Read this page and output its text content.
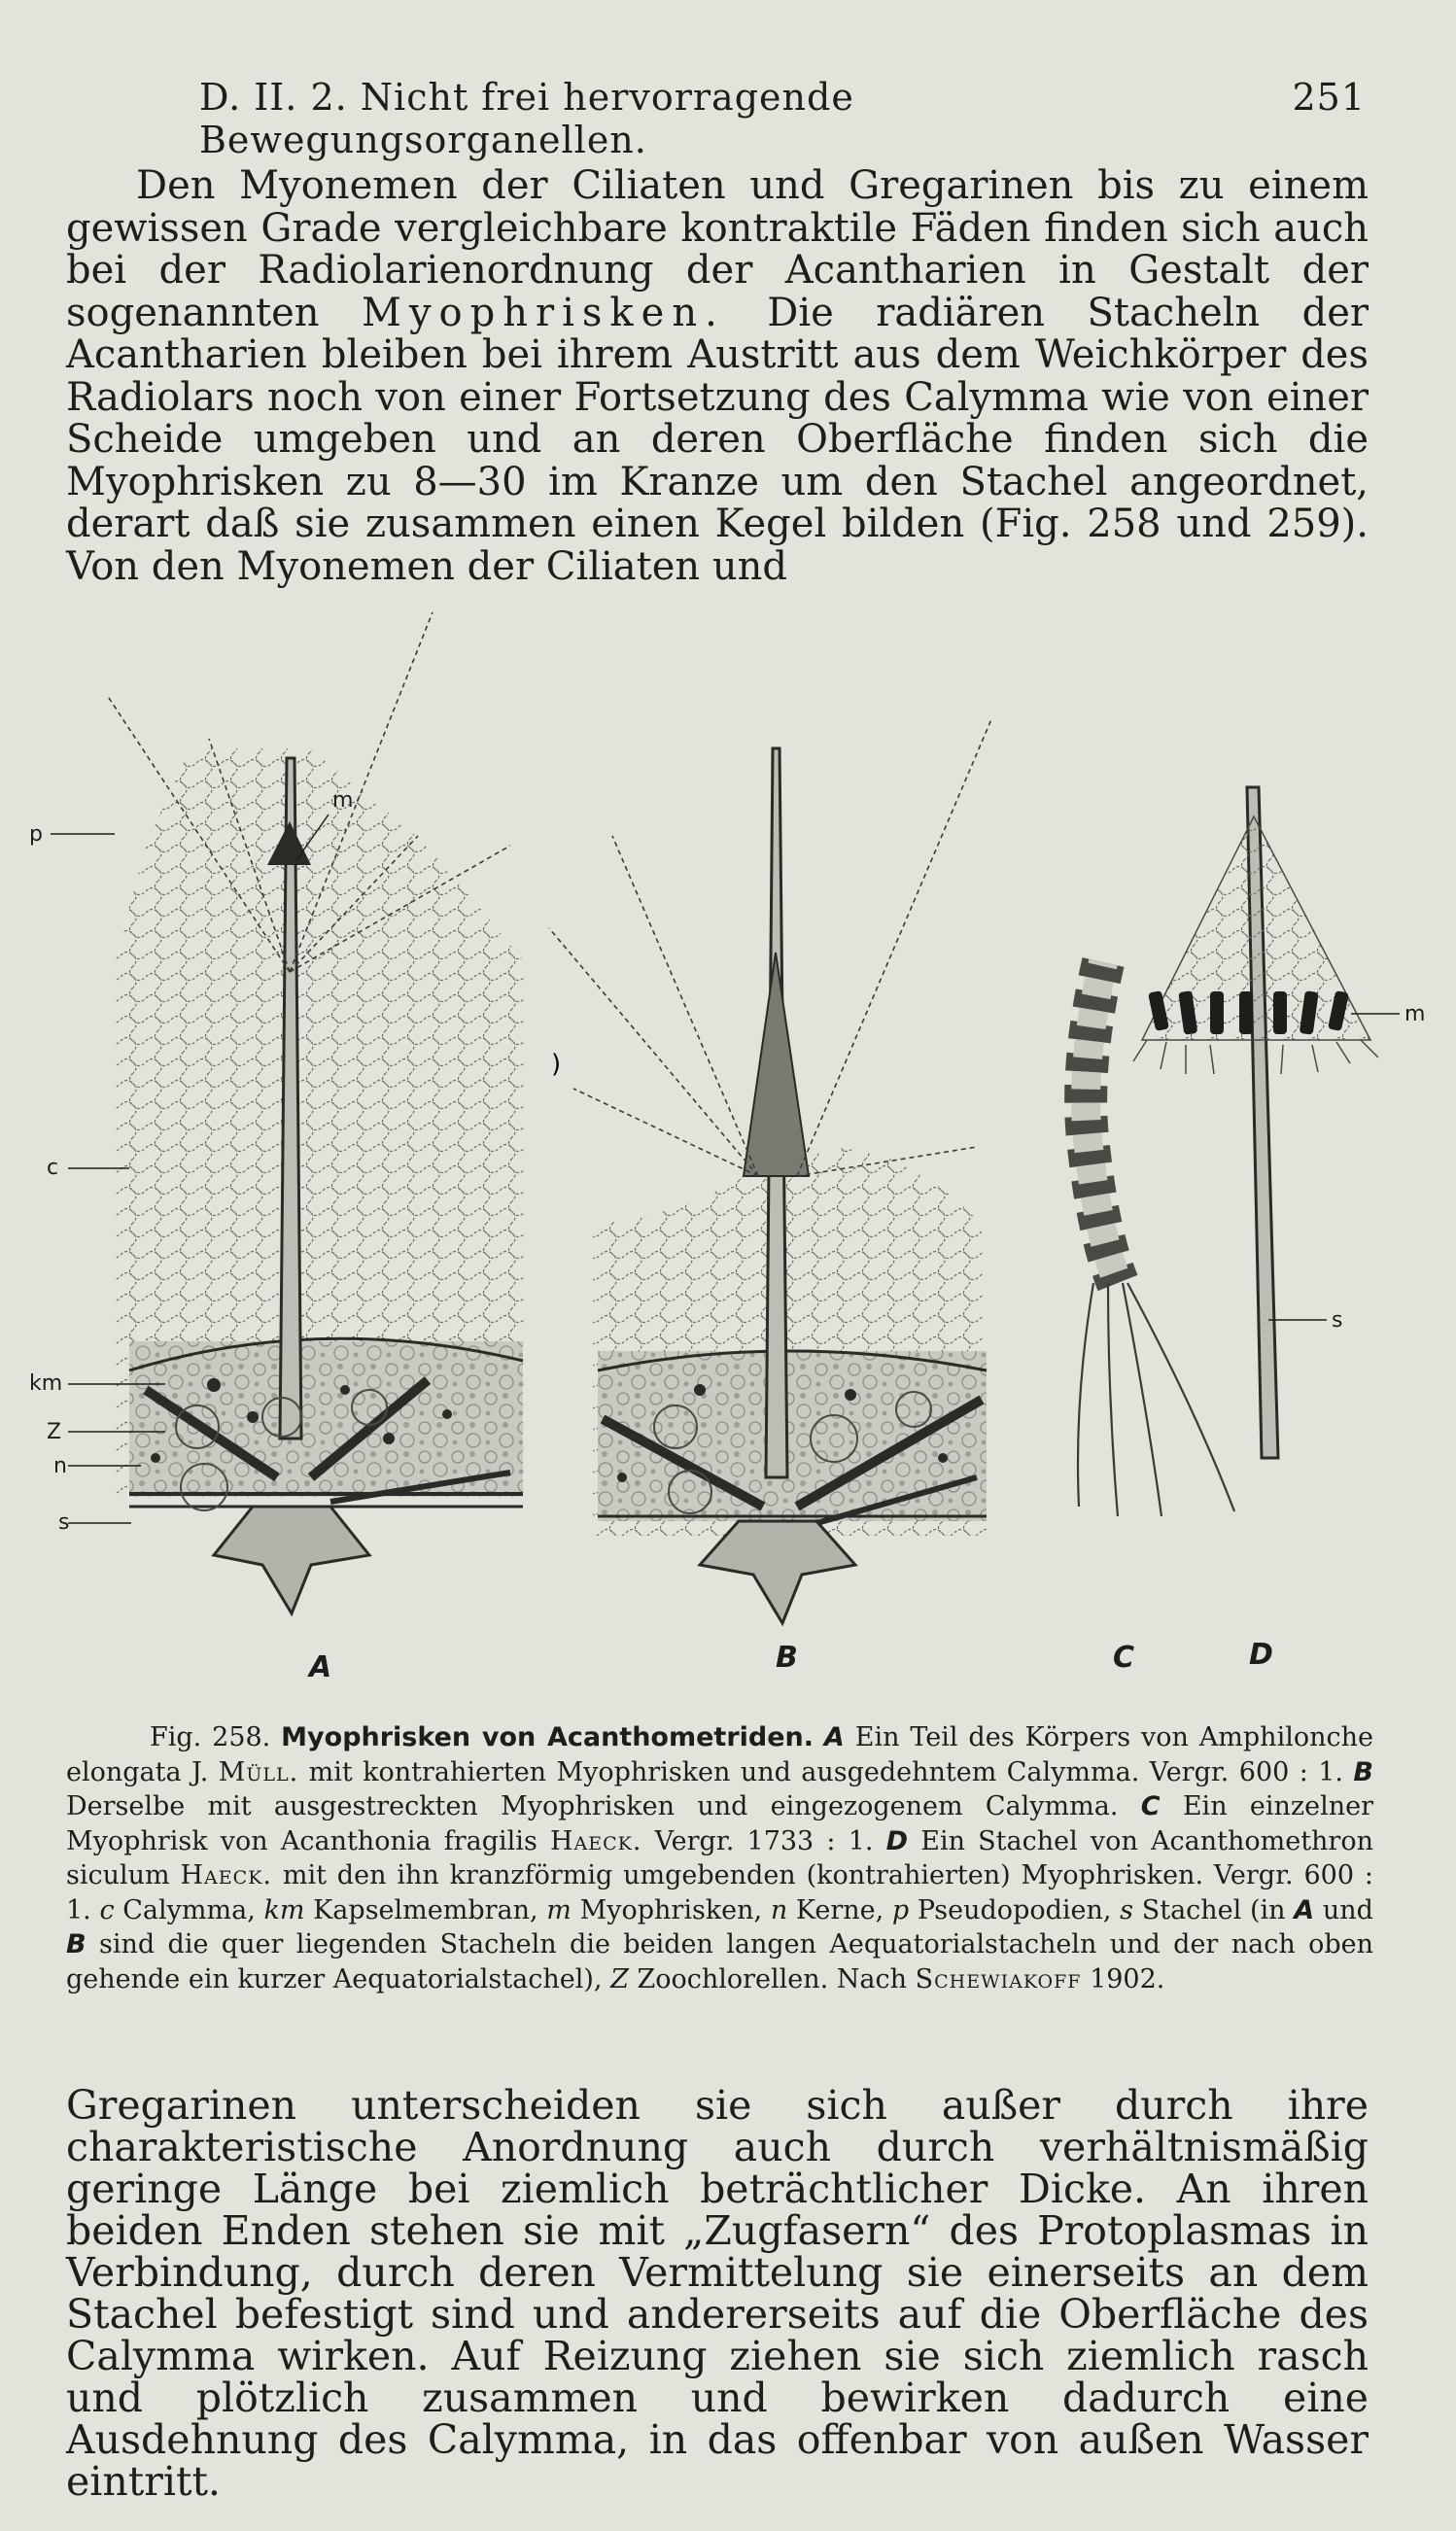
D. II. 2. Nicht frei hervorragende Bewegungsorganellen.
251

Den Myonemen der Ciliaten und Gregarinen bis zu einem gewissen Grade vergleichbare kontraktile Fäden finden sich auch bei der Radiolarienordnung der Acantharien in Gestalt der sogenannten Myophrisken. Die radiären Stacheln der Acantharien bleiben bei ihrem Austritt aus dem Weichkörper des Radiolars noch von einer Fortsetzung des Calymma wie von einer Scheide umgeben und an deren Oberfläche finden sich die Myophrisken zu 8—30 im Kranze um den Stachel angeordnet, derart daß sie zusammen einen Kegel bilden (Fig. 258 und 259). Von den Myonemen der Ciliaten und

p
m
c
km
Z
n
s
)
m
s
A	B	C	D

Fig. 258. Myophrisken von Acanthometriden. A Ein Teil des Körpers von Amphilonche elongata J. Müll. mit kontrahierten Myophrisken und ausgedehntem Calymma. Vergr. 600 : 1. B Derselbe mit ausgestreckten Myophrisken und eingezogenem Calymma. C Ein einzelner Myophrisk von Acanthonia fragilis Haeck. Vergr. 1733 : 1. D Ein Stachel von Acanthomethron siculum Haeck. mit den ihn kranzförmig umgebenden (kontrahierten) Myophrisken. Vergr. 600 : 1. c Calymma, km Kapselmembran, m Myophrisken, n Kerne, p Pseudopodien, s Stachel (in A und B sind die quer liegenden Stacheln die beiden langen Aequatorialstacheln und der nach oben gehende ein kurzer Aequatorialstachel), Z Zoochlorellen. Nach Schewiakoff 1902.

Gregarinen unterscheiden sie sich außer durch ihre charakteristische Anordnung auch durch verhältnismäßig geringe Länge bei ziemlich beträchtlicher Dicke. An ihren beiden Enden stehen sie mit „Zugfasern“ des Protoplasmas in Verbindung, durch deren Vermittelung sie einerseits an dem Stachel befestigt sind und andererseits auf die Oberfläche des Calymma wirken. Auf Reizung ziehen sie sich ziemlich rasch und plötzlich zusammen und bewirken dadurch eine Ausdehnung des Calymma, in das offenbar von außen Wasser eintritt.
